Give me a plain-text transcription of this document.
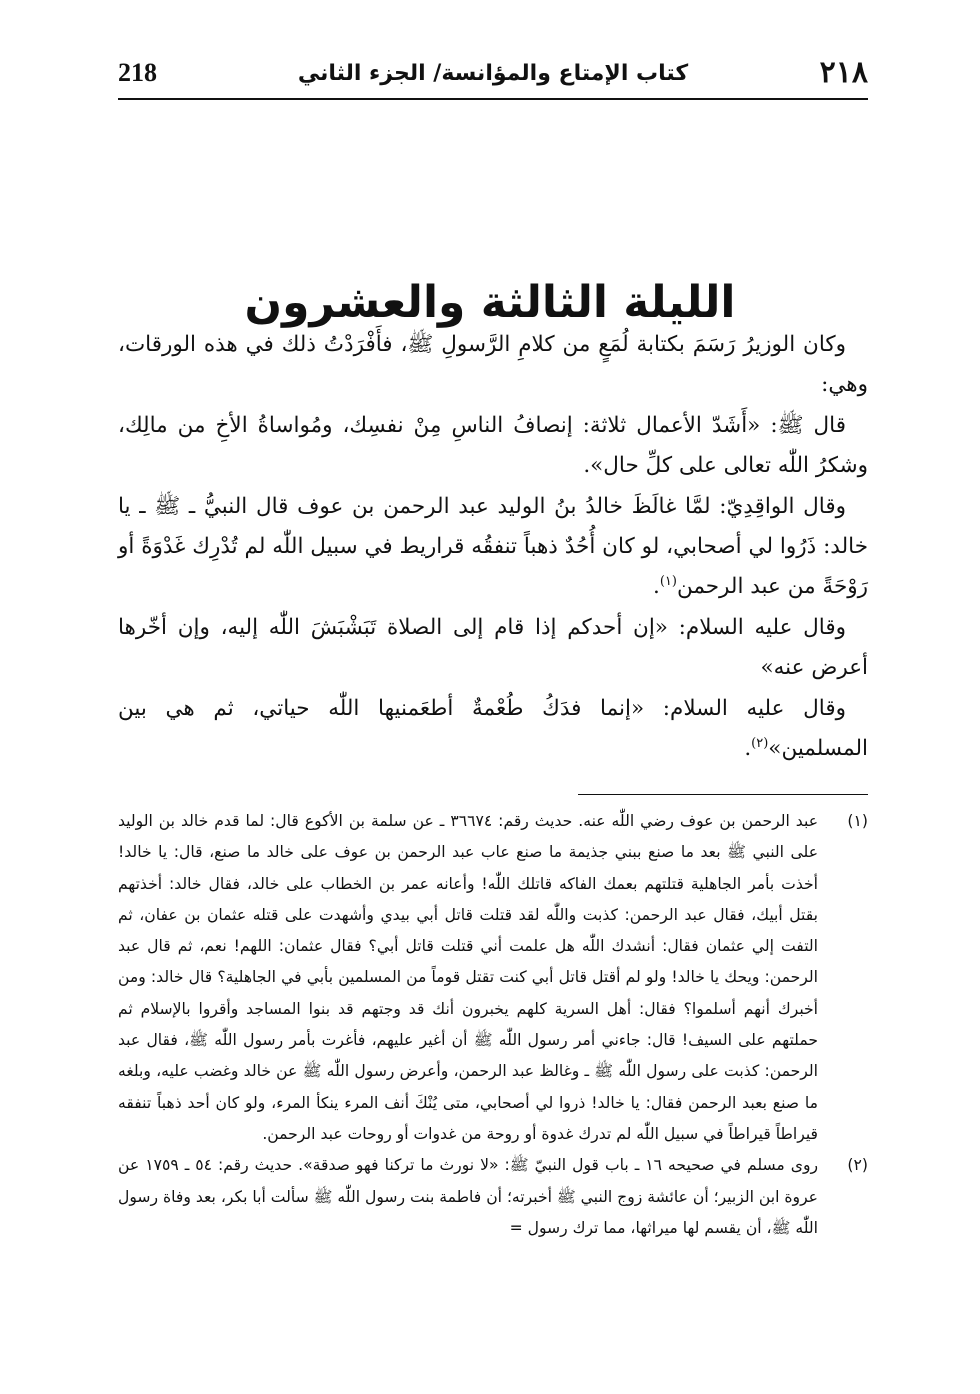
٢١٨
كتاب الإمتاع والمؤانسة/ الجزء الثاني
218
الليلة الثالثة والعشرون

وكان الوزيرُ رَسَمَ بكتابة لُمَعٍ من كلامِ الرَّسولِ ﷺ، فأَفْرَدْتُ ذلك في هذه الورقات، وهي:

قال ﷺ: «أَشَدّ الأعمال ثلاثة: إنصافُ الناسِ مِنْ نفسِك، ومُواساةُ الأخِ من مالِك، وشكرُ اللّٰه تعالى على كلِّ حال».

وقال الواقِدِيّ: لمَّا غالَظَ خالدُ بنُ الوليد عبد الرحمن بن عوف قال النبيُّ ـ ﷺ ـ يا خالد: ذَرُوا لي أصحابي، لو كان أُحُدٌ ذهباً تنفقُه قراريط في سبيل اللّٰه لم تُدْرِك غَدْوَةً أو رَوْحَةً من عبد الرحمن$^{(١)}$.

وقال عليه السلام: «إن أحدكم إذا قام إلى الصلاة تَبَشْبَشَ اللّٰه إليه، وإن أخّرها أعرض عنه»

وقال عليه السلام: «إنما فدَكُ طُعْمةٌ أطعَمنيها اللّٰه حياتي، ثم هي بين المسلمين»$^{(٢)}$.

(١)
عبد الرحمن بن عوف رضي اللّٰه عنه. حديث رقم: ٣٦٦٧٤ ـ عن سلمة بن الأكوع قال: لما قدم خالد بن الوليد على النبي ﷺ بعد ما صنع ببني جذيمة ما صنع عاب عبد الرحمن بن عوف على خالد ما صنع، قال: يا خالد! أخذت بأمر الجاهلية قتلتهم بعمك الفاكه قاتلك اللّٰه! وأعانه عمر بن الخطاب على خالد، فقال خالد: أخذتهم بقتل أبيك، فقال عبد الرحمن: كذبت واللّٰه لقد قتلت قاتل أبي بيدي وأشهدت على قتله عثمان بن عفان، ثم التفت إلي عثمان فقال: أنشدك اللّٰه هل علمت أني قتلت قاتل أبي؟ فقال عثمان: اللهم! نعم، ثم قال عبد الرحمن: ويحك يا خالد! ولو لم أقتل قاتل أبي كنت تقتل قوماً من المسلمين بأبي في الجاهلية؟ قال خالد: ومن أخبرك أنهم أسلموا؟ فقال: أهل السرية كلهم يخبرون أنك قد وجتهم قد بنوا المساجد وأقروا بالإسلام ثم حملتهم على السيف! قال: جاءني أمر رسول اللّٰه ﷺ أن أغير عليهم، فأغرت بأمر رسول اللّٰه ﷺ، فقال عبد الرحمن: كذبت على رسول اللّٰه ﷺ ـ وغالظ عبد الرحمن، وأعرض رسول اللّٰه ﷺ عن خالد وغضب عليه، وبلغه ما صنع بعبد الرحمن فقال: يا خالد! ذروا لي أصحابي، متى يُنْكَ أنف المرء ينكأ المرء، ولو كان أحد ذهباً تنفقه قيراطاً قيراطاً في سبيل اللّٰه لم تدرك غدوة أو روحة من غدوات أو روحات عبد الرحمن.

(٢)
روى مسلم في صحيحه ١٦ ـ باب قول النبيّ ﷺ: «لا نورث ما تركنا فهو صدقة». حديث رقم: ٥٤ ـ ١٧٥٩ عن عروة ابن الزبير؛ أن عائشة زوج النبي ﷺ أخبرته؛ أن فاطمة بنت رسول اللّٰه ﷺ سألت أبا بكر، بعد وفاة رسول اللّٰه ﷺ، أن يقسم لها ميراثها، مما ترك رسول =
